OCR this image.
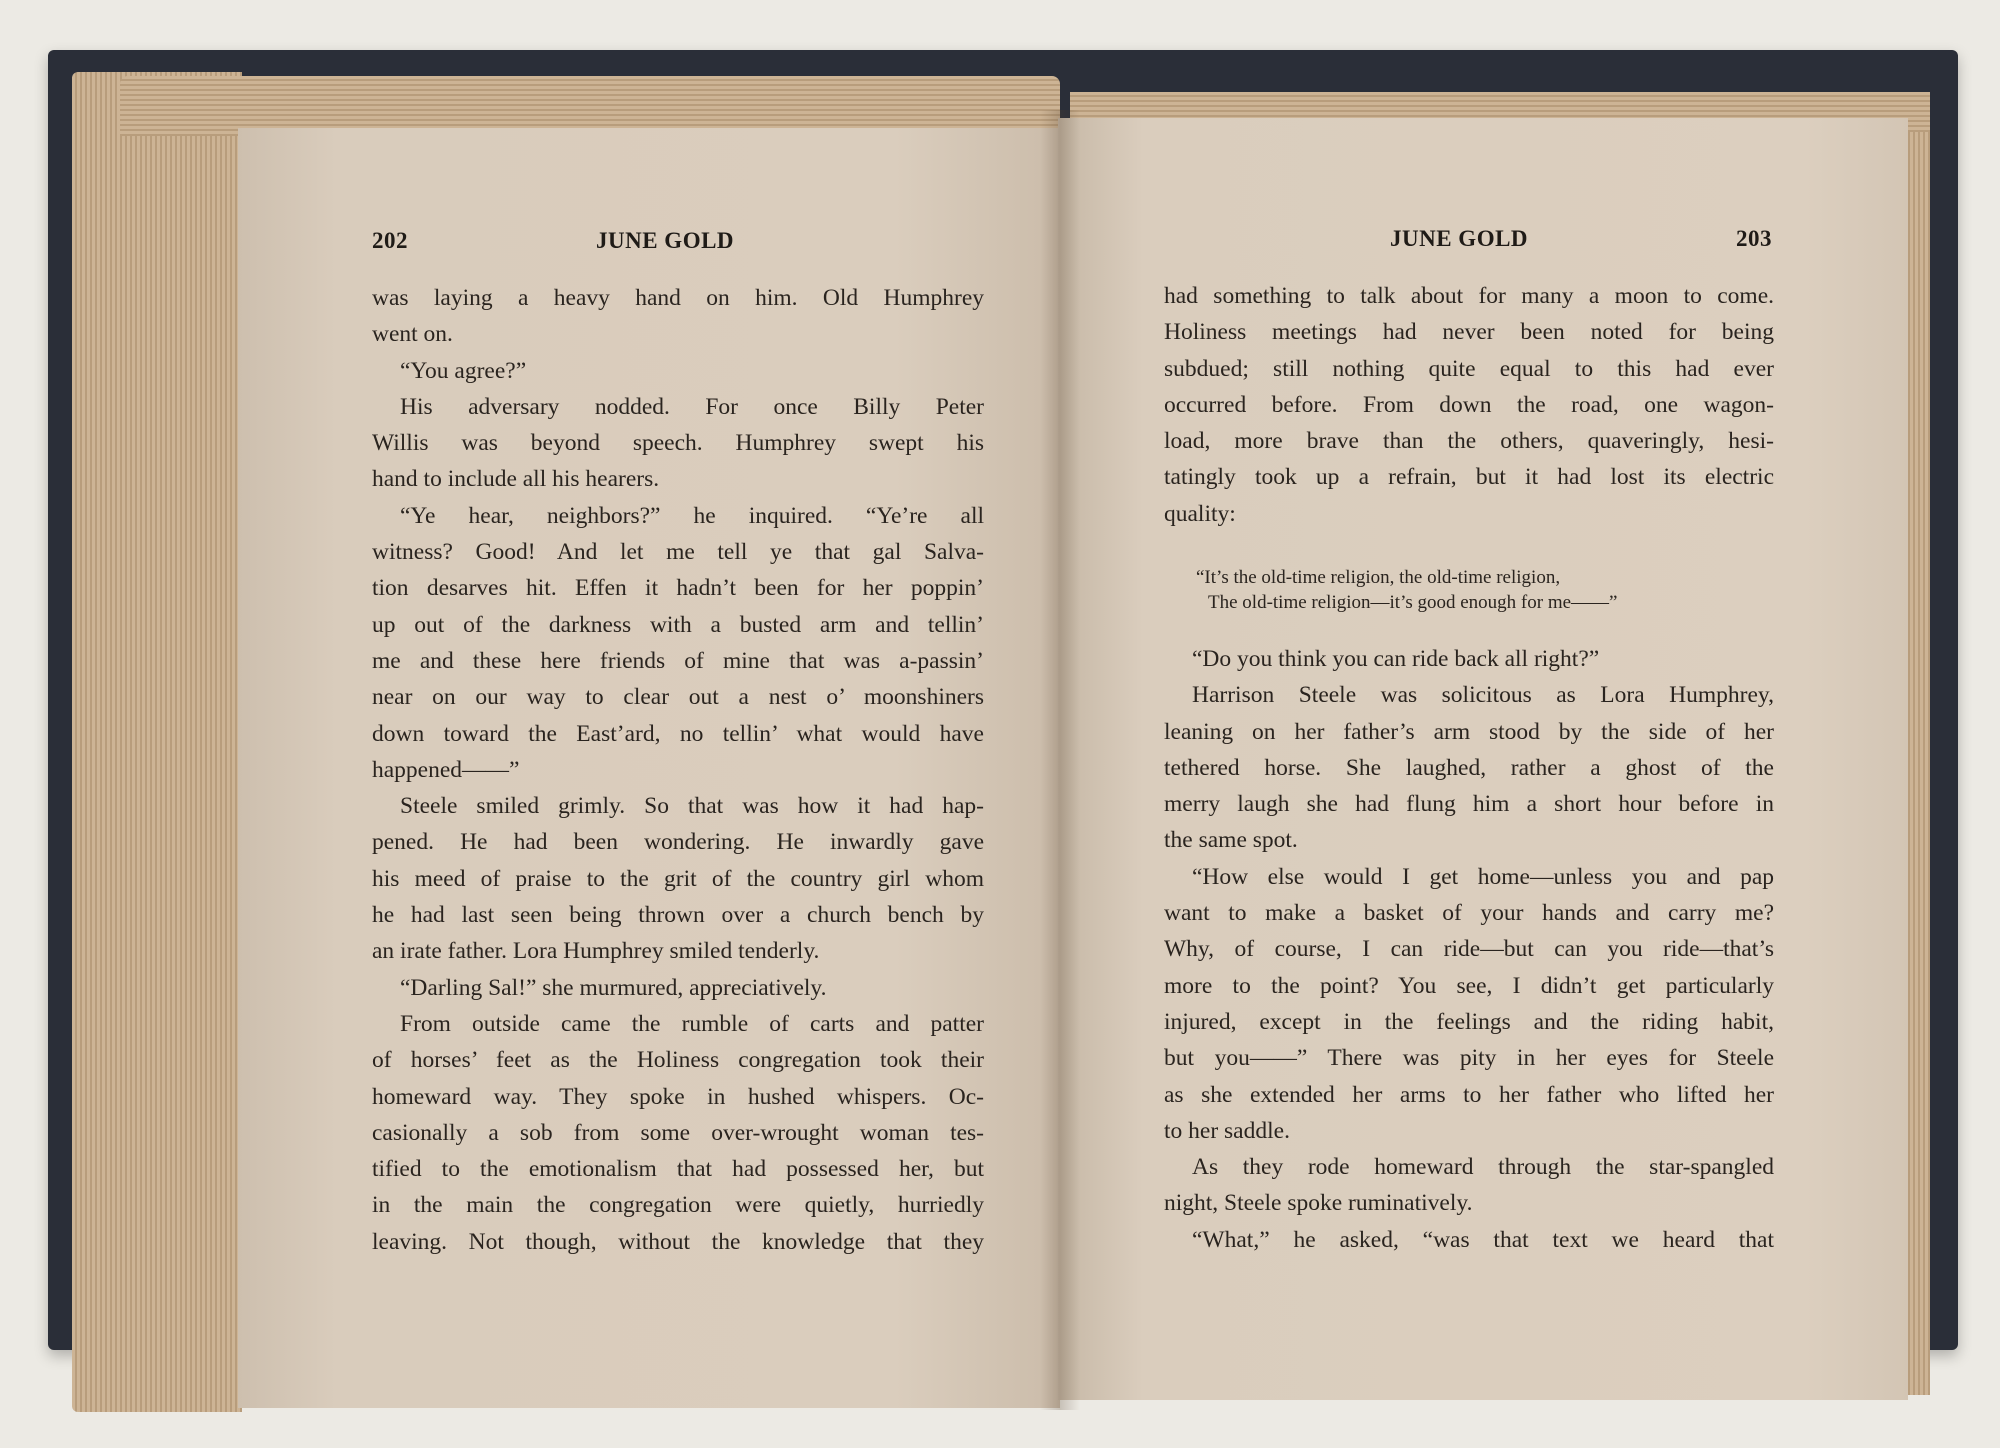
202	JUNE GOLD
was laying a heavy hand on him. Old Humphrey
went on.
“You agree?”
His adversary nodded. For once Billy Peter
Willis was beyond speech. Humphrey swept his
hand to include all his hearers.
“Ye hear, neighbors?” he inquired. “Ye’re all
witness? Good! And let me tell ye that gal Salva-
tion desarves hit. Effen it hadn’t been for her poppin’
up out of the darkness with a busted arm and tellin’
me and these here friends of mine that was a-passin’
near on our way to clear out a nest o’ moonshiners
down toward the East’ard, no tellin’ what would have
happened——”
Steele smiled grimly. So that was how it had hap-
pened. He had been wondering. He inwardly gave
his meed of praise to the grit of the country girl whom
he had last seen being thrown over a church bench by
an irate father. Lora Humphrey smiled tenderly.
“Darling Sal!” she murmured, appreciatively.
From outside came the rumble of carts and patter
of horses’ feet as the Holiness congregation took their
homeward way. They spoke in hushed whispers. Oc-
casionally a sob from some over-wrought woman tes-
tified to the emotionalism that had possessed her, but
in the main the congregation were quietly, hurriedly
leaving. Not though, without the knowledge that they
JUNE GOLD	203
had something to talk about for many a moon to come.
Holiness meetings had never been noted for being
subdued; still nothing quite equal to this had ever
occurred before. From down the road, one wagon-
load, more brave than the others, quaveringly, hesi-
tatingly took up a refrain, but it had lost its electric
quality:
“It’s the old-time religion, the old-time religion,
The old-time religion—it’s good enough for me——”
“Do you think you can ride back all right?”
Harrison Steele was solicitous as Lora Humphrey,
leaning on her father’s arm stood by the side of her
tethered horse. She laughed, rather a ghost of the
merry laugh she had flung him a short hour before in
the same spot.
“How else would I get home—unless you and pap
want to make a basket of your hands and carry me?
Why, of course, I can ride—but can you ride—that’s
more to the point? You see, I didn’t get particularly
injured, except in the feelings and the riding habit,
but you——” There was pity in her eyes for Steele
as she extended her arms to her father who lifted her
to her saddle.
As they rode homeward through the star-spangled
night, Steele spoke ruminatively.
“What,” he asked, “was that text we heard that
